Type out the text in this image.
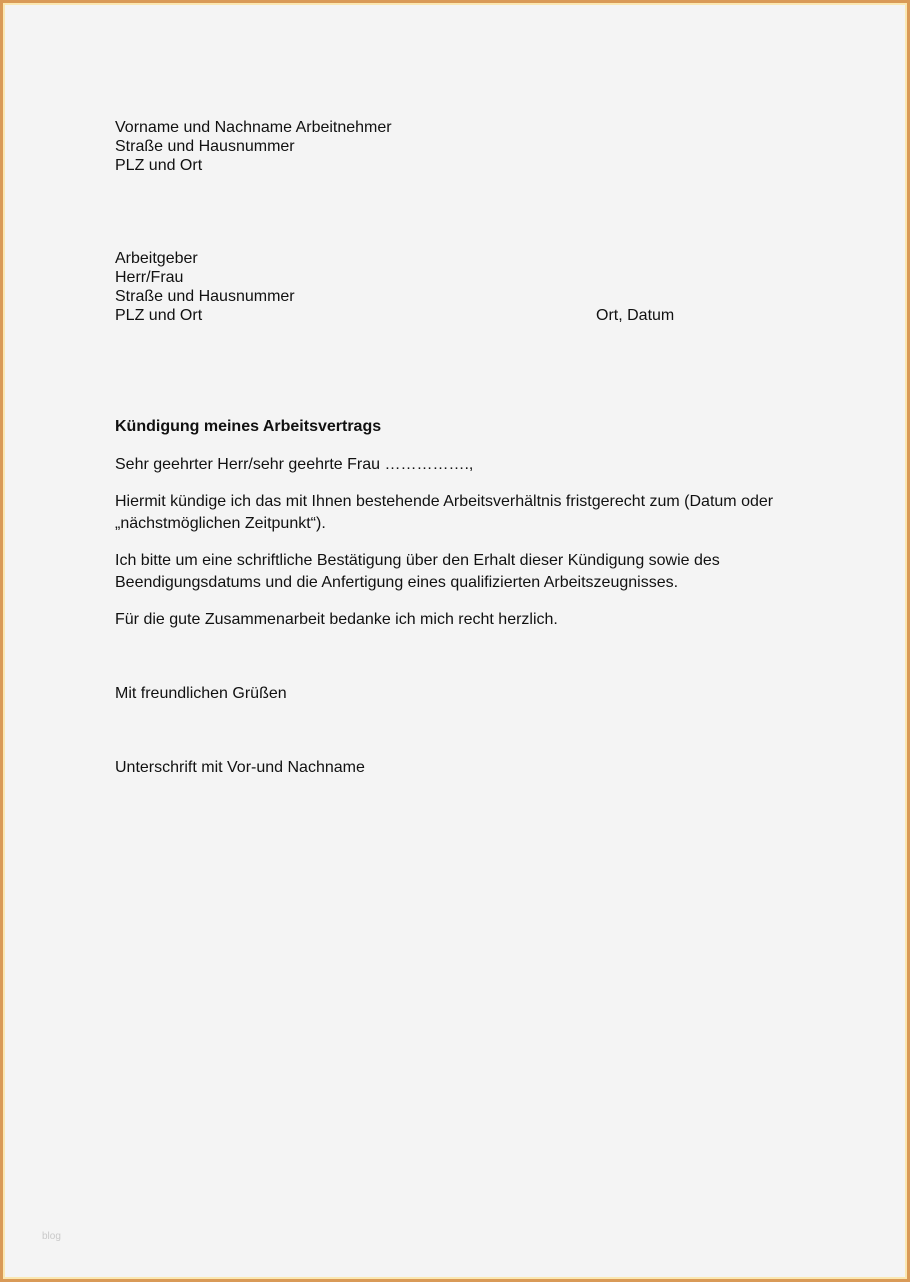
Vorname und Nachname Arbeitnehmer
Straße und Hausnummer
PLZ und Ort
Arbeitgeber
Herr/Frau
Straße und Hausnummer
PLZ und Ort	Ort, Datum
Kündigung meines Arbeitsvertrags
Sehr geehrter Herr/sehr geehrte Frau …………….,
Hiermit kündige ich das mit Ihnen bestehende Arbeitsverhältnis fristgerecht zum (Datum oder
„nächstmöglichen Zeitpunkt“).
Ich bitte um eine schriftliche Bestätigung über den Erhalt dieser Kündigung sowie des
Beendigungsdatums und die Anfertigung eines qualifizierten Arbeitszeugnisses.
Für die gute Zusammenarbeit bedanke ich mich recht herzlich.
Mit freundlichen Grüßen
Unterschrift mit Vor-und Nachname
blog
